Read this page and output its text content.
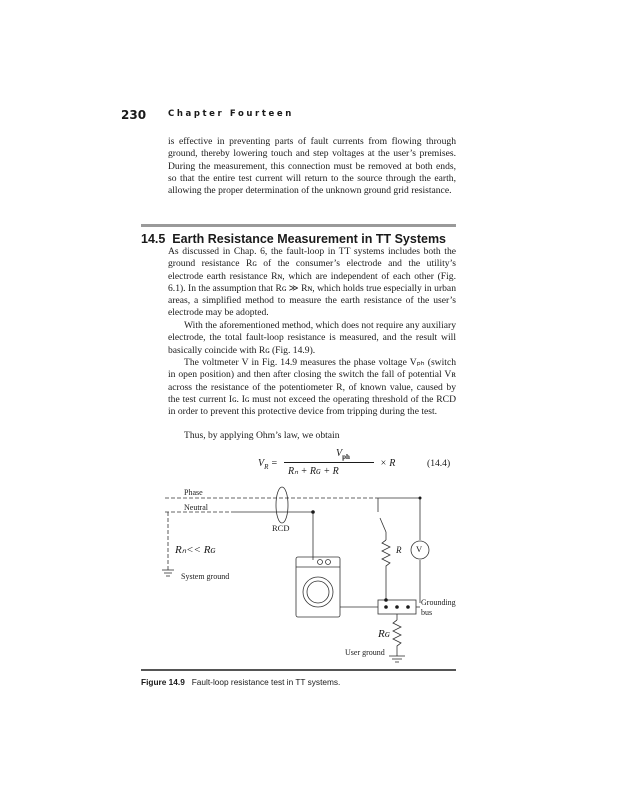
230	Chapter Fourteen
is effective in preventing parts of fault currents from flowing through ground, thereby lowering touch and step voltages at the user’s premises. During the measurement, this connection must be removed at both ends, so that the entire test current will return to the source through the earth, allowing the proper determination of the unknown ground grid resistance.
14.5 Earth Resistance Measurement in TT Systems
As discussed in Chap. 6, the fault-loop in TT systems includes both the ground resistance Rɢ of the consumer’s electrode and the utility’s electrode earth resistance Rɴ, which are independent of each other (Fig. 6.1). In the assumption that Rɢ ≫ Rɴ, which holds true especially in urban areas, a simplified method to measure the earth resistance of the user’s electrode may be adopted.
With the aforementioned method, which does not require any auxiliary electrode, the total fault-loop resistance is measured, and the result will basically coincide with Rɢ (Fig. 14.9).
The voltmeter V in Fig. 14.9 measures the phase voltage Vₚₕ (switch in open position) and then after closing the switch the fall of potential Vʀ across the resistance of the potentiometer R, of known value, caused by the test current Iɢ. Iɢ must not exceed the operating threshold of the RCD in order to prevent this protective device from tripping during the test.
Thus, by applying Ohm’s law, we obtain
$V_R$ =
$V_{ph}$
Rₙ + Rɢ + R
× R	(14.4)
Phase
Neutral
RCD
Rₙ<< Rɢ
System ground
R V
Grounding
bus
Rɢ
User ground
Figure 14.9 Fault-loop resistance test in TT systems.
